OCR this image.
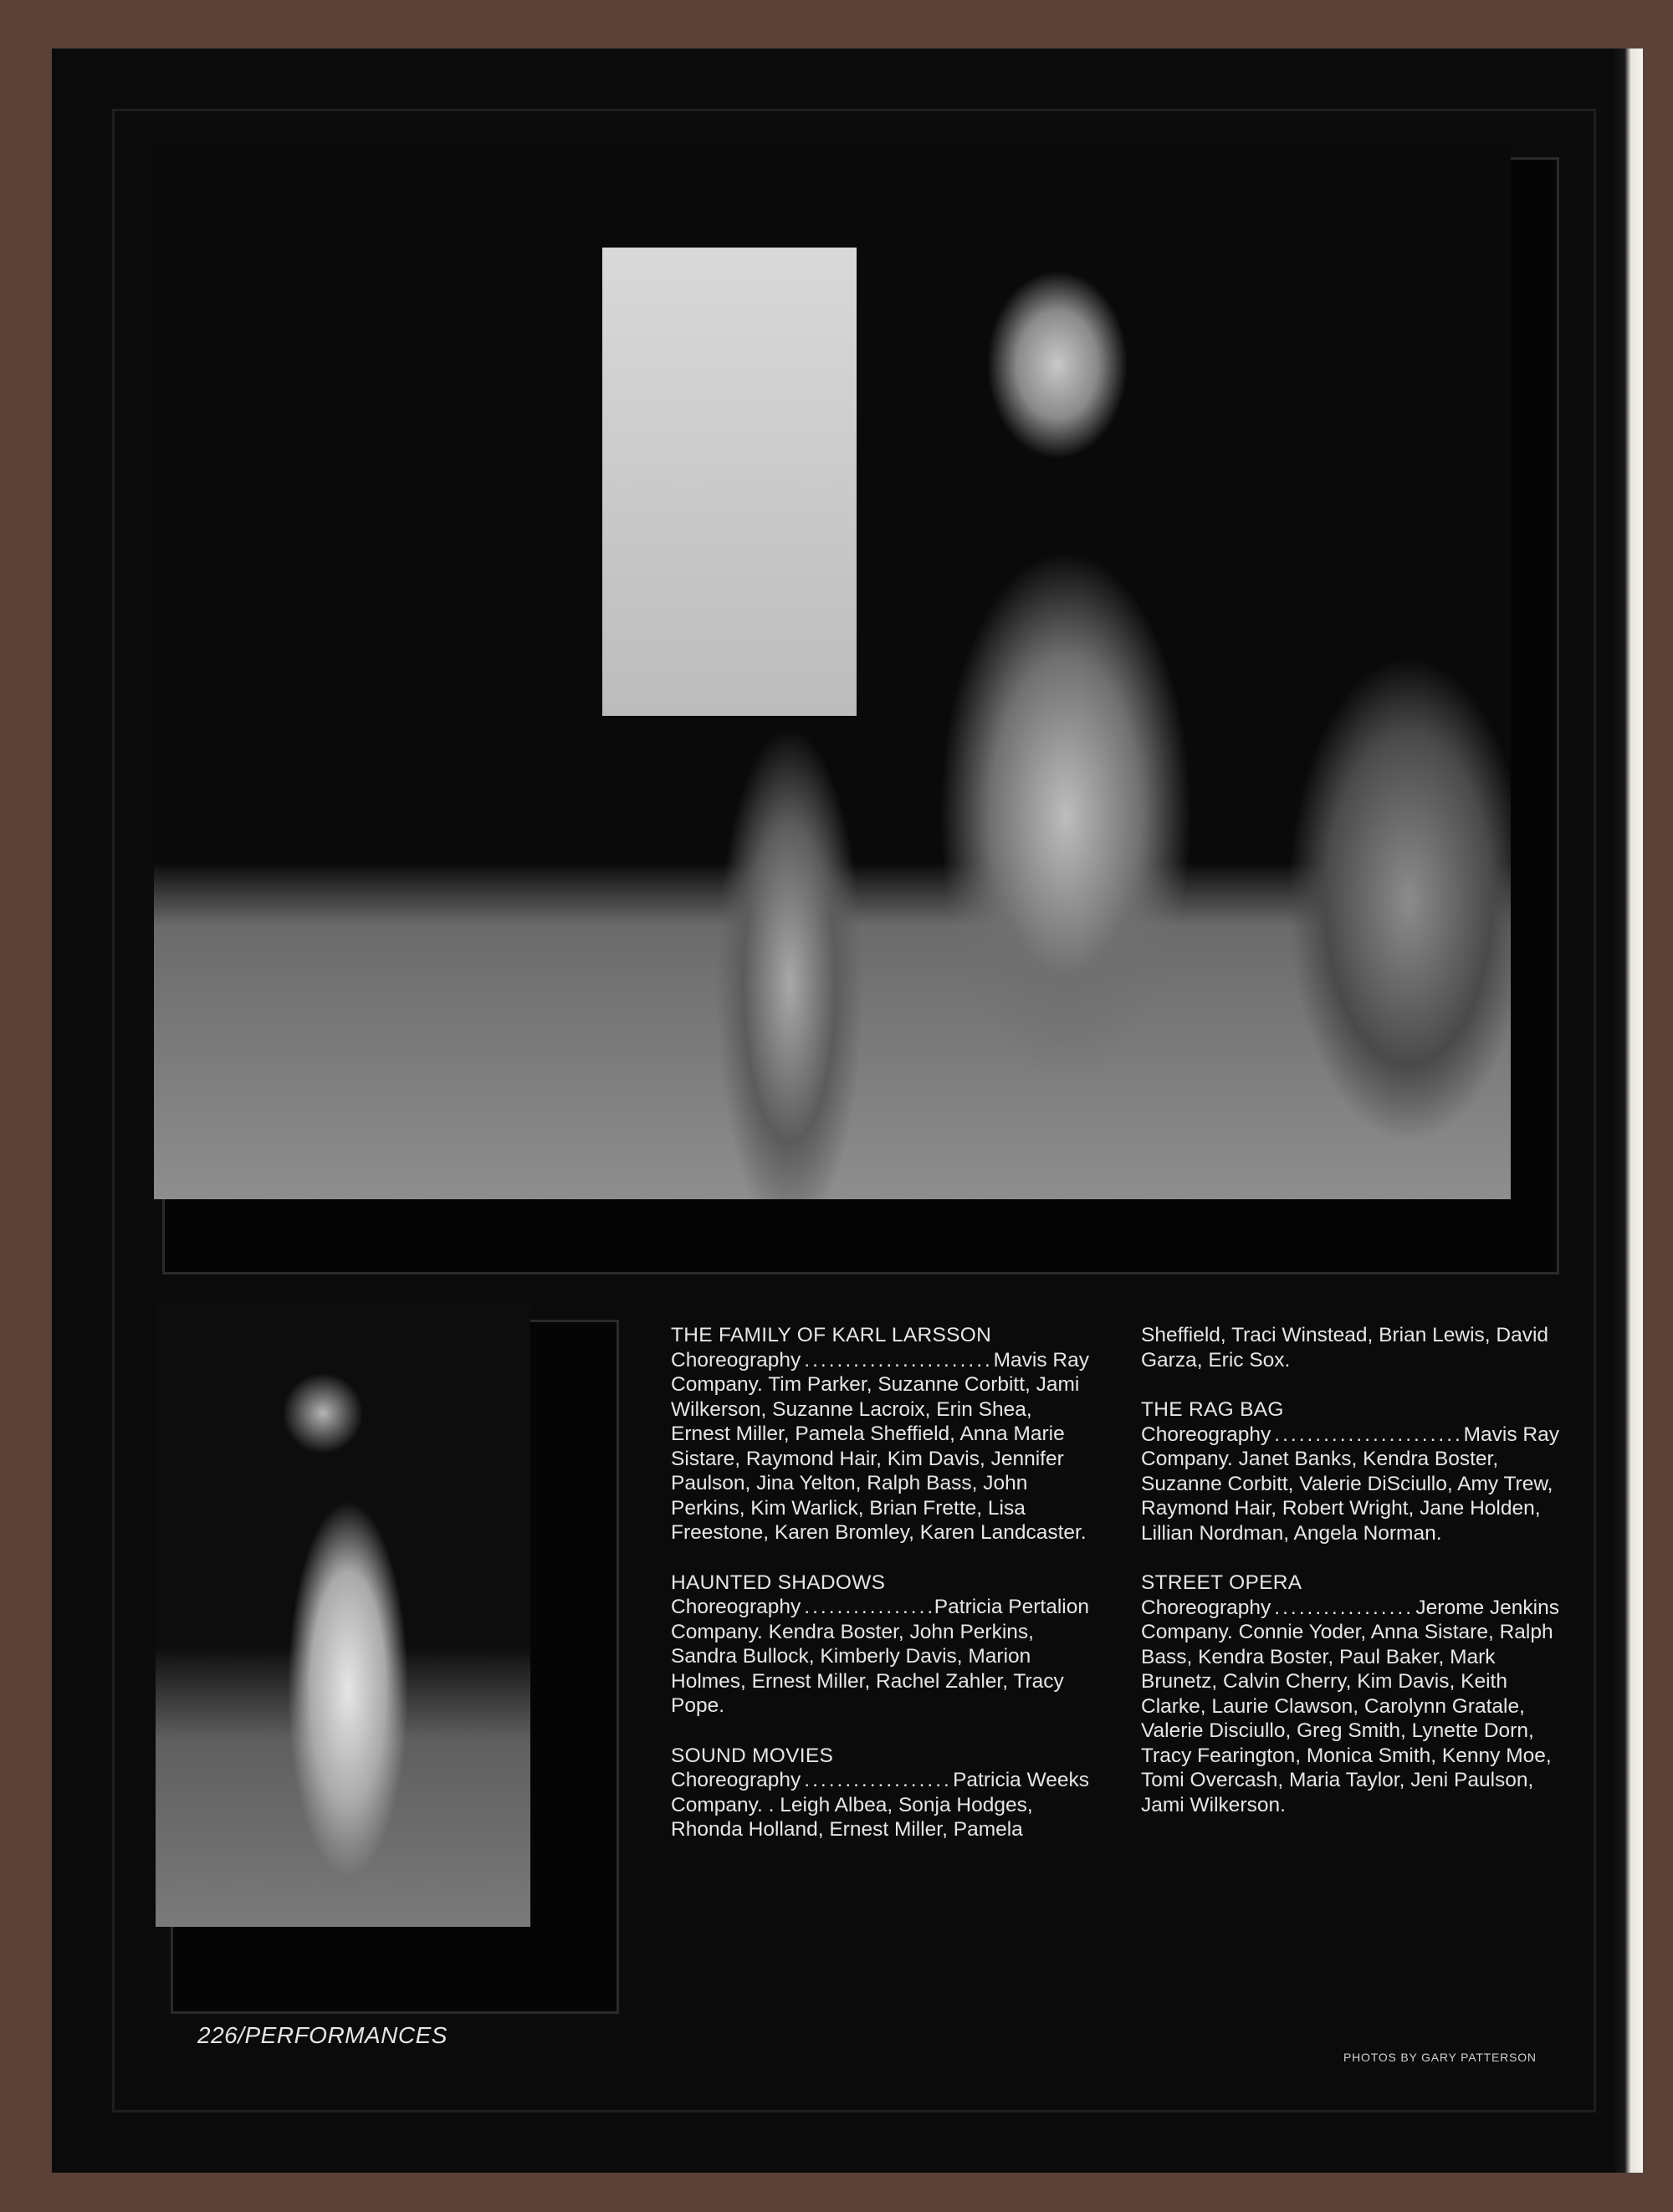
THE FAMILY OF KARL LARSSON
Choreography .....	Mavis Ray
Company. Tim Parker, Suzanne Corbitt, Jami Wilkerson, Suzanne Lacroix, Erin Shea, Ernest Miller, Pamela Sheffield, Anna Marie Sistare, Raymond Hair, Kim Davis, Jennifer Paulson, Jina Yelton, Ralph Bass, John Perkins, Kim Warlick, Brian Frette, Lisa Freestone, Karen Bromley, Karen Landcaster.
HAUNTED SHADOWS
Choreography .....	Patricia Pertalion
Company. Kendra Boster, John Perkins, Sandra Bullock, Kimberly Davis, Marion Holmes, Ernest Miller, Rachel Zahler, Tracy Pope.
SOUND MOVIES
Choreography .....	Patricia Weeks
Company. . Leigh Albea, Sonja Hodges, Rhonda Holland, Ernest Miller, Pamela
Sheffield, Traci Winstead, Brian Lewis, David Garza, Eric Sox.
THE RAG BAG
Choreography .....	Mavis Ray
Company. Janet Banks, Kendra Boster, Suzanne Corbitt, Valerie DiSciullo, Amy Trew, Raymond Hair, Robert Wright, Jane Holden, Lillian Nordman, Angela Norman.
STREET OPERA
Choreography .....	Jerome Jenkins
Company. Connie Yoder, Anna Sistare, Ralph Bass, Kendra Boster, Paul Baker, Mark Brunetz, Calvin Cherry, Kim Davis, Keith Clarke, Laurie Clawson, Carolynn Gratale, Valerie Disciullo, Greg Smith, Lynette Dorn, Tracy Fearington, Monica Smith, Kenny Moe, Tomi Overcash, Maria Taylor, Jeni Paulson, Jami Wilkerson.
226/PERFORMANCES
PHOTOS BY GARY PATTERSON
